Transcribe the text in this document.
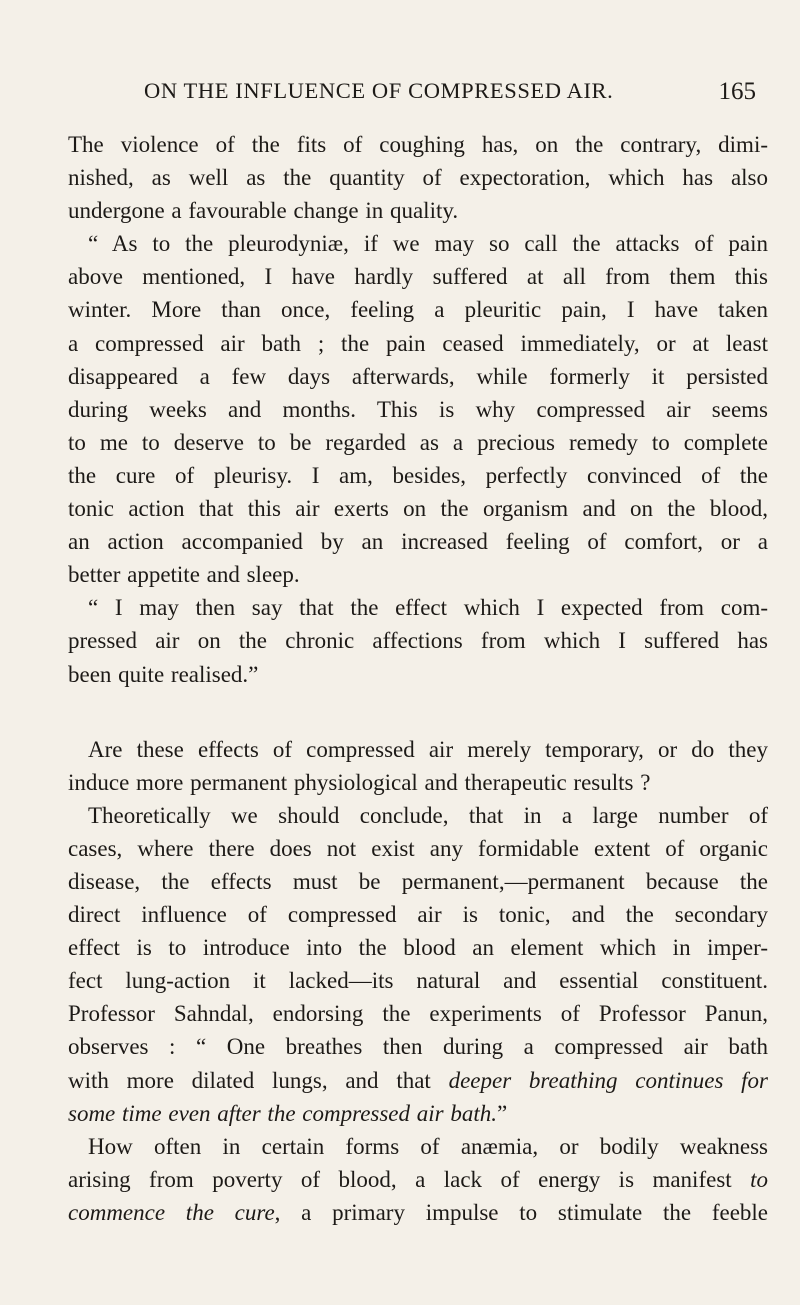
ON THE INFLUENCE OF COMPRESSED AIR.	165
The violence of the fits of coughing has, on the contrary, dimi-
nished, as well as the quantity of expectoration, which has also
undergone a favourable change in quality.
“ As to the pleurodyniæ, if we may so call the attacks of pain
above mentioned, I have hardly suffered at all from them this
winter. More than once, feeling a pleuritic pain, I have taken
a compressed air bath ; the pain ceased immediately, or at least
disappeared a few days afterwards, while formerly it persisted
during weeks and months. This is why compressed air seems
to me to deserve to be regarded as a precious remedy to complete
the cure of pleurisy. I am, besides, perfectly convinced of the
tonic action that this air exerts on the organism and on the blood,
an action accompanied by an increased feeling of comfort, or a
better appetite and sleep.
“ I may then say that the effect which I expected from com-
pressed air on the chronic affections from which I suffered has
been quite realised.”
Are these effects of compressed air merely temporary, or do they
induce more permanent physiological and therapeutic results ?
Theoretically we should conclude, that in a large number of
cases, where there does not exist any formidable extent of organic
disease, the effects must be permanent,—permanent because the
direct influence of compressed air is tonic, and the secondary
effect is to introduce into the blood an element which in imper-
fect lung-action it lacked—its natural and essential constituent.
Professor Sahndal, endorsing the experiments of Professor Panun,
observes : “ One breathes then during a compressed air bath
with more dilated lungs, and that deeper breathing continues for
some time even after the compressed air bath.”
How often in certain forms of anæmia, or bodily weakness
arising from poverty of blood, a lack of energy is manifest to
commence the cure, a primary impulse to stimulate the feeble
